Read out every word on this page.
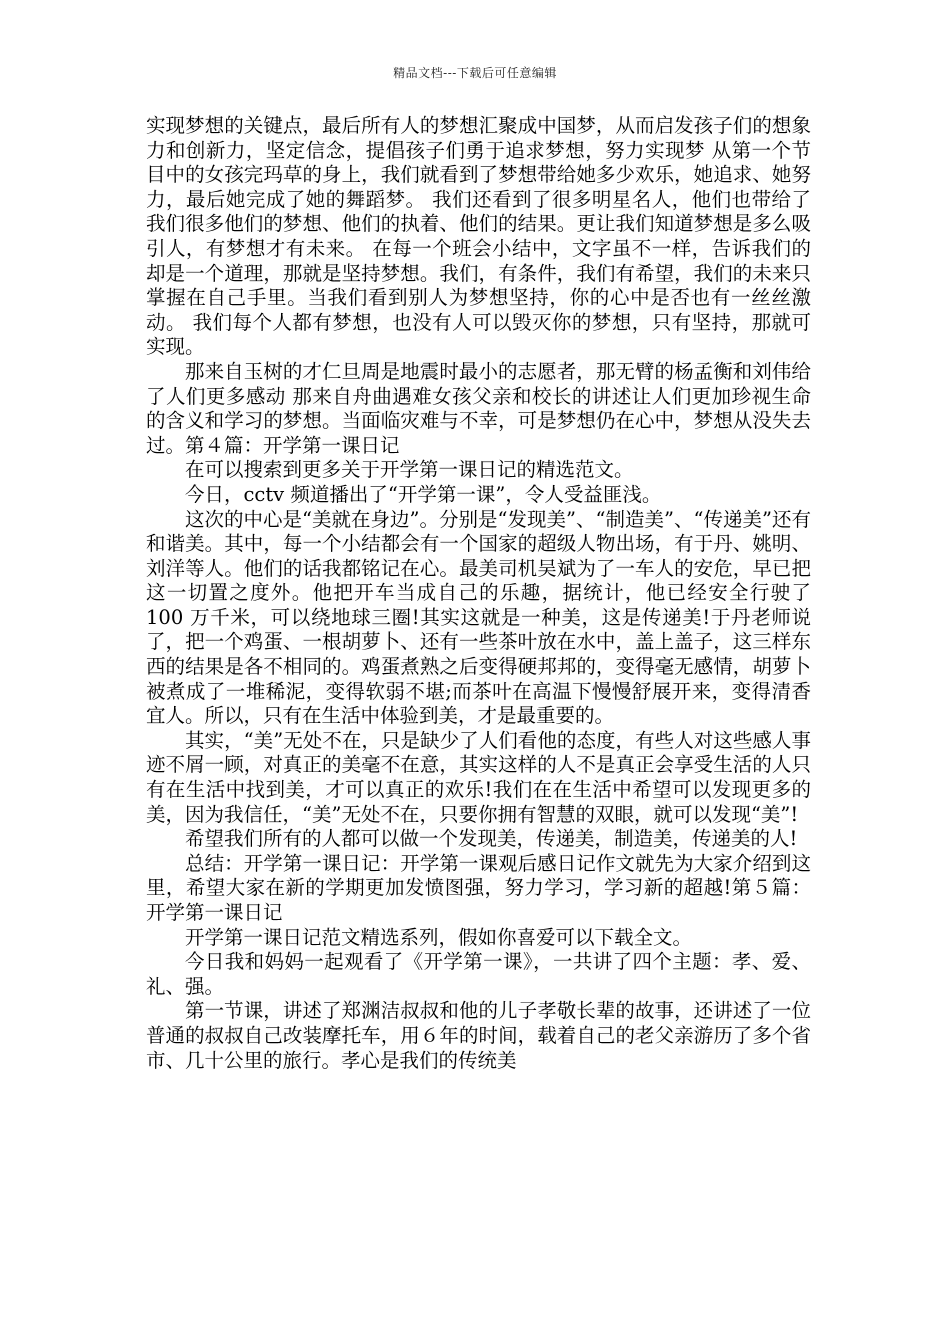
精品文档---下载后可任意编辑

实现梦想的关键点，最后所有人的梦想汇聚成中国梦，从而启发孩子们的想象力和创新力，坚定信念，提倡孩子们勇于追求梦想，努力实现梦 从第一个节目中的女孩完玛草的身上，我们就看到了梦想带给她多少欢乐，她追求、她努力，最后她完成了她的舞蹈梦。 我们还看到了很多明星名人，他们也带给了我们很多他们的梦想、他们的执着、他们的结果。更让我们知道梦想是多么吸引人，有梦想才有未来。 在每一个班会小结中，文字虽不一样，告诉我们的却是一个道理，那就是坚持梦想。我们，有条件，我们有希望，我们的未来只掌握在自己手里。当我们看到别人为梦想坚持，你的心中是否也有一丝丝激动。 我们每个人都有梦想，也没有人可以毁灭你的梦想，只有坚持，那就可实现。

那来自玉树的才仁旦周是地震时最小的志愿者，那无臂的杨孟衡和刘伟给了人们更多感动 那来自舟曲遇难女孩父亲和校长的讲述让人们更加珍视生命的含义和学习的梦想。当面临灾难与不幸，可是梦想仍在心中，梦想从没失去过。第４篇：开学第一课日记

在可以搜索到更多关于开学第一课日记的精选范文。

今日，cctv 频道播出了“开学第一课”，令人受益匪浅。

这次的中心是“美就在身边”。分别是“发现美”、“制造美”、“传递美”还有和谐美。其中，每一个小结都会有一个国家的超级人物出场，有于丹、姚明、刘洋等人。他们的话我都铭记在心。最美司机吴斌为了一车人的安危，早已把这一切置之度外。他把开车当成自己的乐趣，据统计，他已经安全行驶了 100 万千米，可以绕地球三圈!其实这就是一种美，这是传递美!于丹老师说了，把一个鸡蛋、一根胡萝卜、还有一些茶叶放在水中，盖上盖子，这三样东西的结果是各不相同的。鸡蛋煮熟之后变得硬邦邦的，变得毫无感情，胡萝卜被煮成了一堆稀泥，变得软弱不堪;而茶叶在高温下慢慢舒展开来，变得清香宜人。所以，只有在生活中体验到美，才是最重要的。

其实，“美”无处不在，只是缺少了人们看他的态度，有些人对这些感人事迹不屑一顾，对真正的美毫不在意，其实这样的人不是真正会享受生活的人只有在生活中找到美，才可以真正的欢乐!我们在在生活中希望可以发现更多的美，因为我信任，“美”无处不在，只要你拥有智慧的双眼，就可以发现“美”!

希望我们所有的人都可以做一个发现美，传递美，制造美，传递美的人!

总结：开学第一课日记：开学第一课观后感日记作文就先为大家介绍到这里，希望大家在新的学期更加发愤图强，努力学习，学习新的超越!第５篇：开学第一课日记

开学第一课日记范文精选系列，假如你喜爱可以下载全文。

今日我和妈妈一起观看了《开学第一课》，一共讲了四个主题：孝、爱、礼、强。

第一节课，讲述了郑渊洁叔叔和他的儿子孝敬长辈的故事，还讲述了一位普通的叔叔自己改装摩托车，用６年的时间，载着自己的老父亲游历了多个省市、几十公里的旅行。孝心是我们的传统美
